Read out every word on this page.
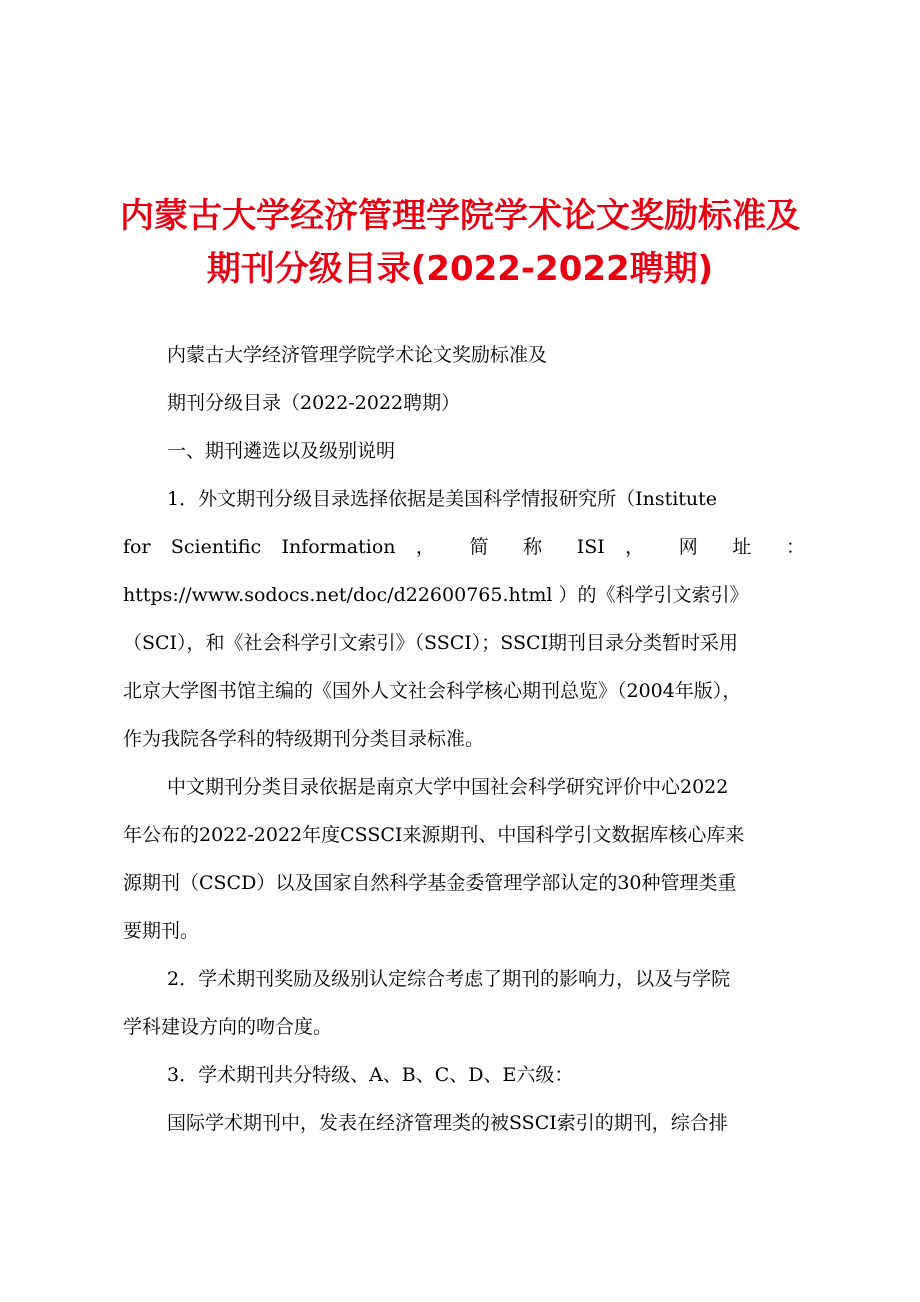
内蒙古大学经济管理学院学术论文奖励标准及
期刊分级目录(2022-2022聘期)
内蒙古大学经济管理学院学术论文奖励标准及
期刊分级目录（2022-2022聘期）
一、期刊遴选以及级别说明
1．外文期刊分级目录选择依据是美国科学情报研究所（Institute
for Scientific Information ， 简 称 ISI ， 网 址 ：
https://www.sodocs.net/doc/d22600765.html ）的《科学引文索引》
（SCI），和《社会科学引文索引》（SSCI）；SSCI期刊目录分类暂时采用
北京大学图书馆主编的《国外人文社会科学核心期刊总览》（2004年版），
作为我院各学科的特级期刊分类目录标准。
中文期刊分类目录依据是南京大学中国社会科学研究评价中心2022
年公布的2022-2022年度CSSCI来源期刊、中国科学引文数据库核心库来
源期刊（CSCD）以及国家自然科学基金委管理学部认定的30种管理类重
要期刊。
2．学术期刊奖励及级别认定综合考虑了期刊的影响力，以及与学院
学科建设方向的吻合度。
3．学术期刊共分特级、A、B、C、D、E六级：
国际学术期刊中，发表在经济管理类的被SSCI索引的期刊，综合排
